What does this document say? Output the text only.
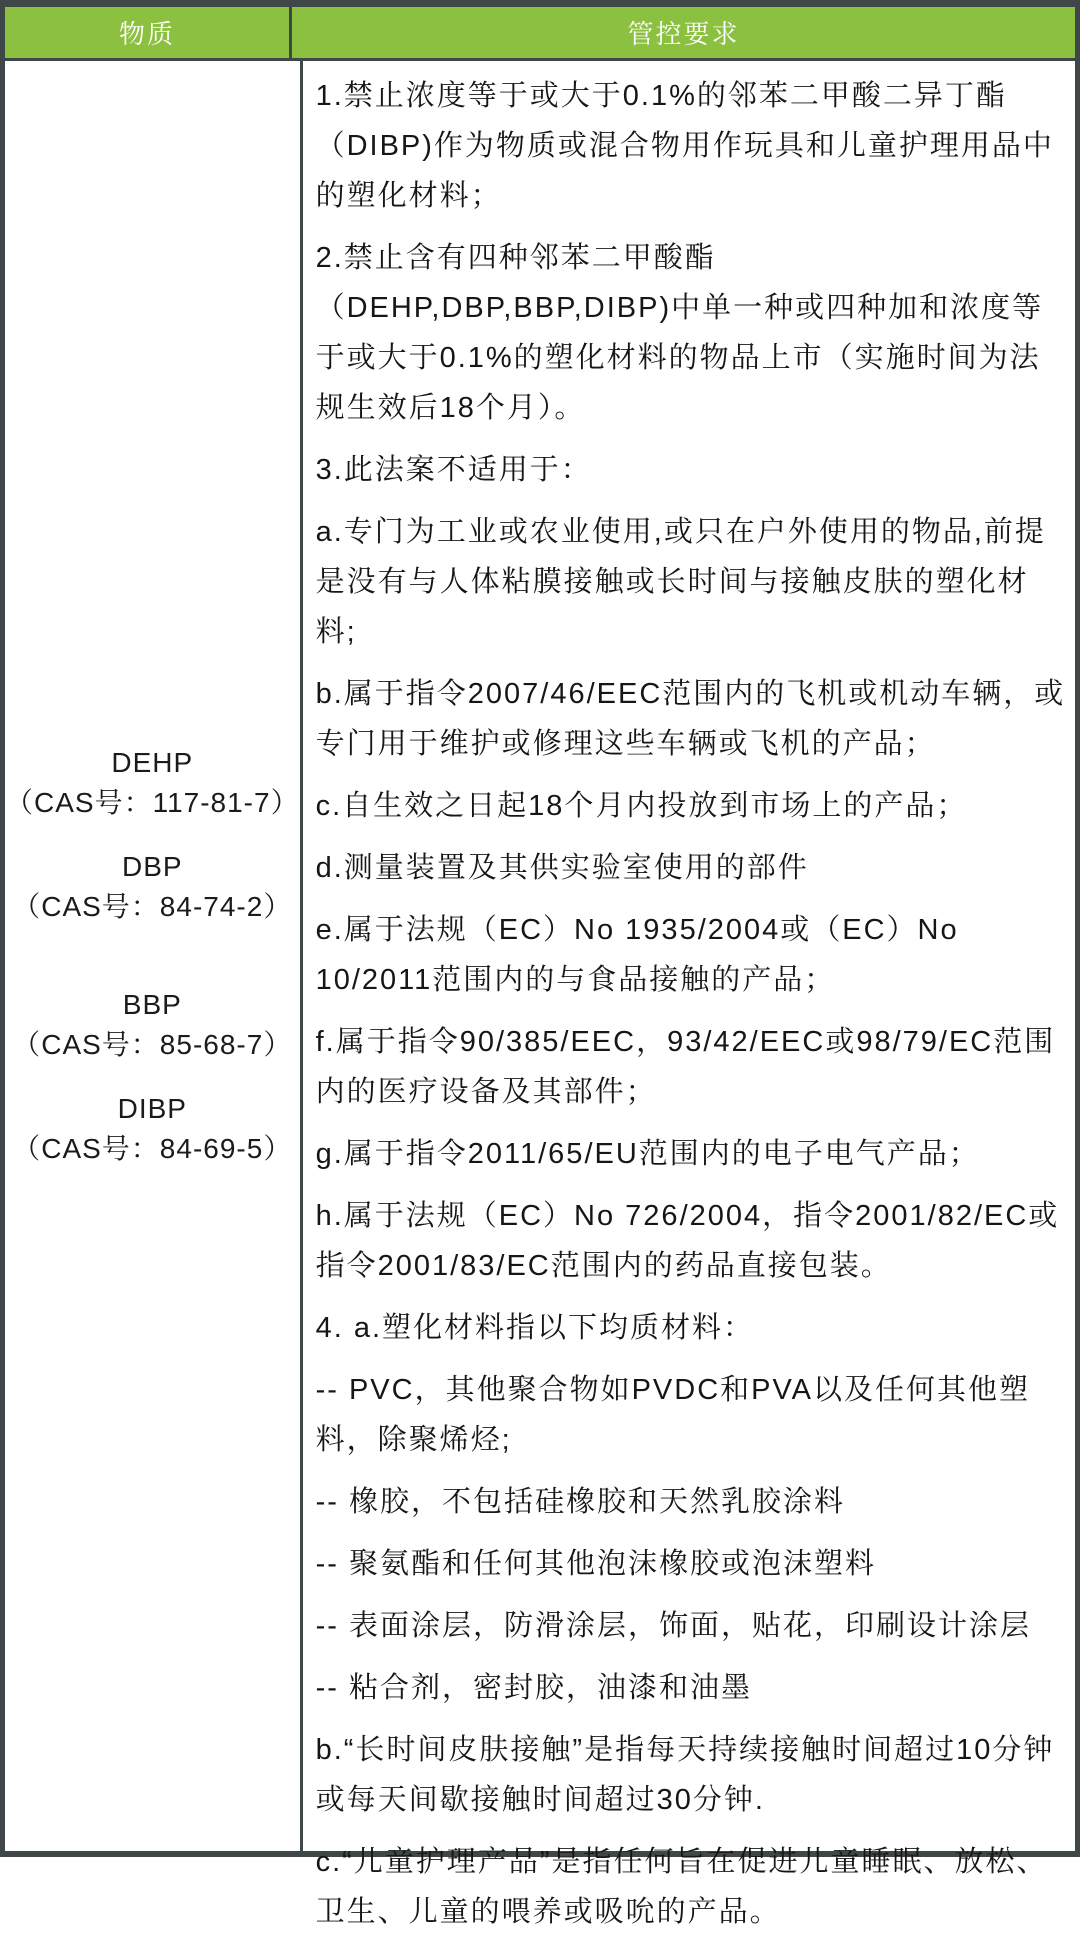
物质	管控要求
DEHP
（CAS号：117-81-7）
DBP
（CAS号：84-74-2）
BBP
（CAS号：85-68-7）
DIBP
（CAS号：84-69-5）

1.禁止浓度等于或大于0.1%的邻苯二甲酸二异丁酯（DIBP)作为物质或混合物用作玩具和儿童护理用品中的塑化材料；

2.禁止含有四种邻苯二甲酸酯（DEHP,DBP,BBP,DIBP)中单一种或四种加和浓度等于或大于0.1%的塑化材料的物品上市（实施时间为法规生效后18个月）。

3.此法案不适用于：

a.专门为工业或农业使用,或只在户外使用的物品,前提是没有与人体粘膜接触或长时间与接触皮肤的塑化材料;

b.属于指令2007/46/EEC范围内的飞机或机动车辆，或专门用于维护或修理这些车辆或飞机的产品；

c.自生效之日起18个月内投放到市场上的产品；

d.测量装置及其供实验室使用的部件

e.属于法规（EC）No 1935/2004或（EC）No 10/2011范围内的与食品接触的产品；

f.属于指令90/385/EEC，93/42/EEC或98/79/EC范围内的医疗设备及其部件；

g.属于指令2011/65/EU范围内的电子电气产品；

h.属于法规（EC）No 726/2004，指令2001/82/EC或指令2001/83/EC范围内的药品直接包装。

4. a.塑化材料指以下均质材料：

-- PVC，其他聚合物如PVDC和PVA以及任何其他塑料，除聚烯烃;

-- 橡胶，不包括硅橡胶和天然乳胶涂料

-- 聚氨酯和任何其他泡沫橡胶或泡沫塑料

-- 表面涂层，防滑涂层，饰面，贴花，印刷设计涂层

-- 粘合剂，密封胶，油漆和油墨

b.“长时间皮肤接触”是指每天持续接触时间超过10分钟或每天间歇接触时间超过30分钟.

c.“儿童护理产品”是指任何旨在促进儿童睡眠、放松、卫生、儿童的喂养或吸吮的产品。
